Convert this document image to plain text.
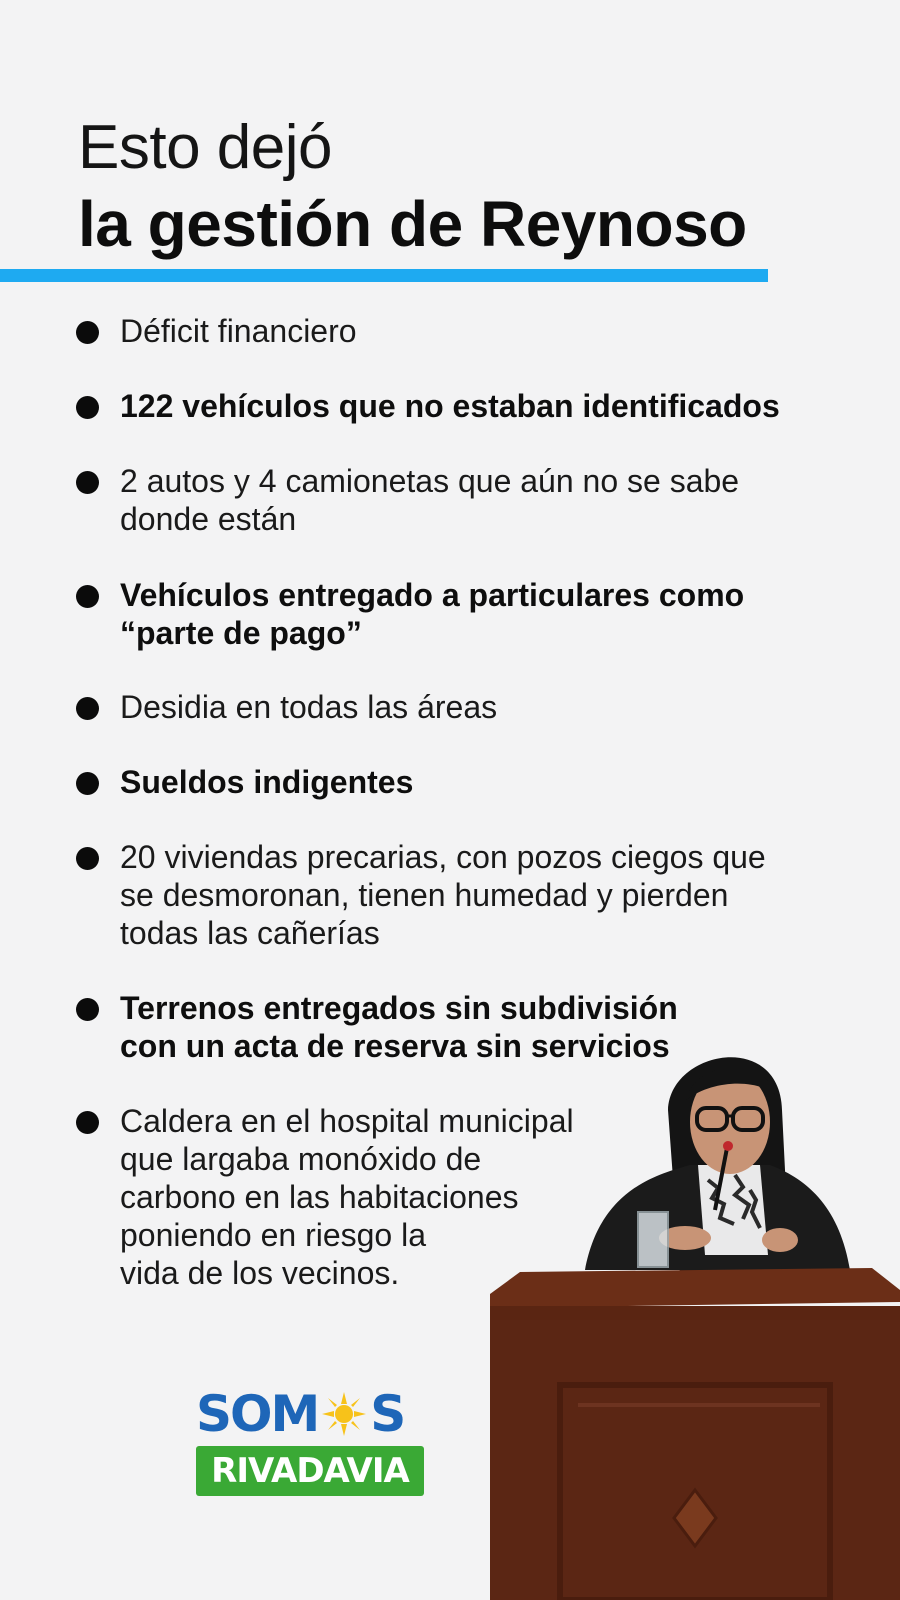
Esto dejó
la gestión de Reynoso
Déficit financiero
122 vehículos que no estaban identificados
2 autos y 4 camionetas que aún no se sabe
donde están
Vehículos entregado a particulares como
“parte de pago”
Desidia en todas las áreas
Sueldos indigentes
20 viviendas precarias, con pozos ciegos que
se desmoronan, tienen humedad y pierden
todas las cañerías
Terrenos entregados sin subdivisión
con un acta de reserva sin servicios
Caldera en el hospital municipal
que largaba monóxido de
carbono en las habitaciones
poniendo en riesgo la
vida de los vecinos.
SOM S
RIVADAVIA
